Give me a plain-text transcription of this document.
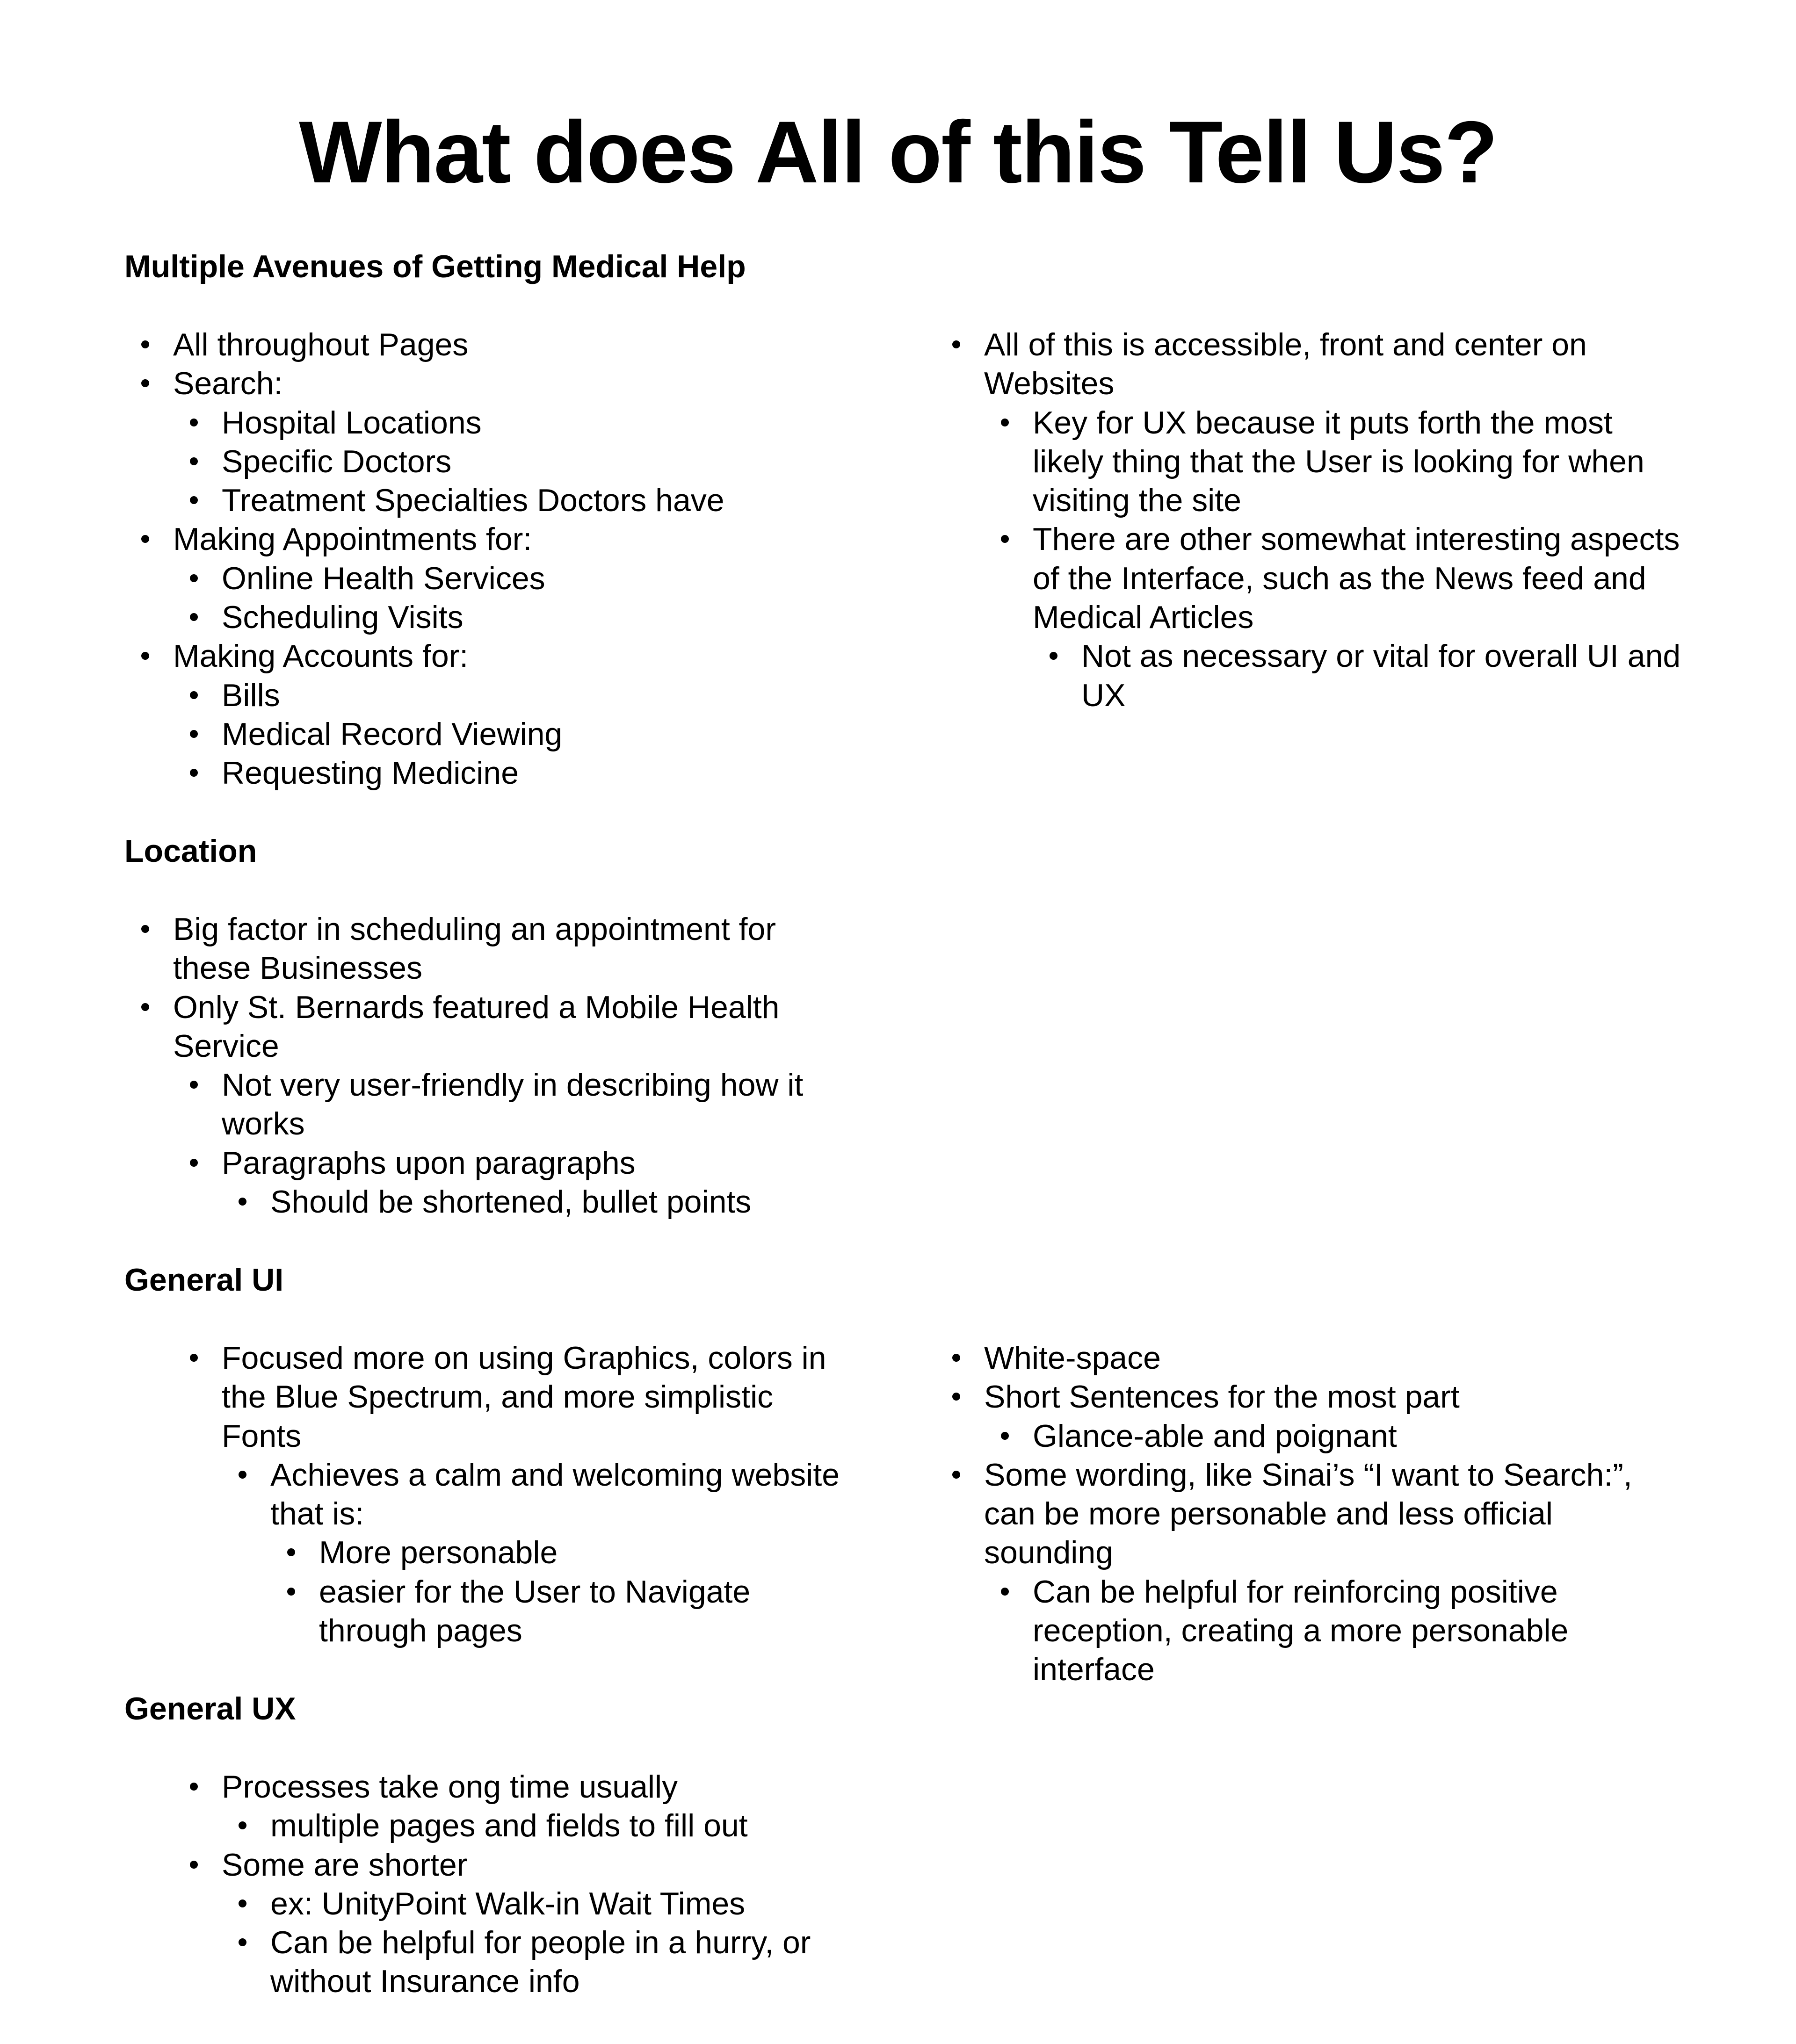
What does All of this Tell Us?
Multiple Avenues of Getting Medical Help
All throughout Pages
Search:
Hospital Locations
Specific Doctors
Treatment Specialties Doctors have
Making Appointments for:
Online Health Services
Scheduling Visits
Making Accounts for:
Bills
Medical Record Viewing
Requesting Medicine
All of this is accessible, front and center on Websites
Key for UX because it puts forth the most likely thing that the User is looking for when visiting the site
There are other somewhat interesting aspects of the Interface, such as the News feed and Medical Articles
Not as necessary or vital for overall UI and UX
Location
Big factor in scheduling an appointment for these Businesses
Only St. Bernards featured a Mobile Health Service
Not very user-friendly in describing how it works
Paragraphs upon paragraphs
Should be shortened, bullet points
General UI
Focused more on using Graphics, colors in the Blue Spectrum, and more simplistic Fonts
Achieves a calm and welcoming website that is:
More personable
easier for the User to Navigate through pages
White-space
Short Sentences for the most part
Glance-able and poignant
Some wording, like Sinai’s “I want to Search:”, can be more personable and less official sounding
Can be helpful for reinforcing positive reception, creating a more personable interface
General UX
Processes take ong time usually
multiple pages and fields to fill out
Some are shorter
ex: UnityPoint Walk-in Wait Times
Can be helpful for people in a hurry, or without Insurance info
